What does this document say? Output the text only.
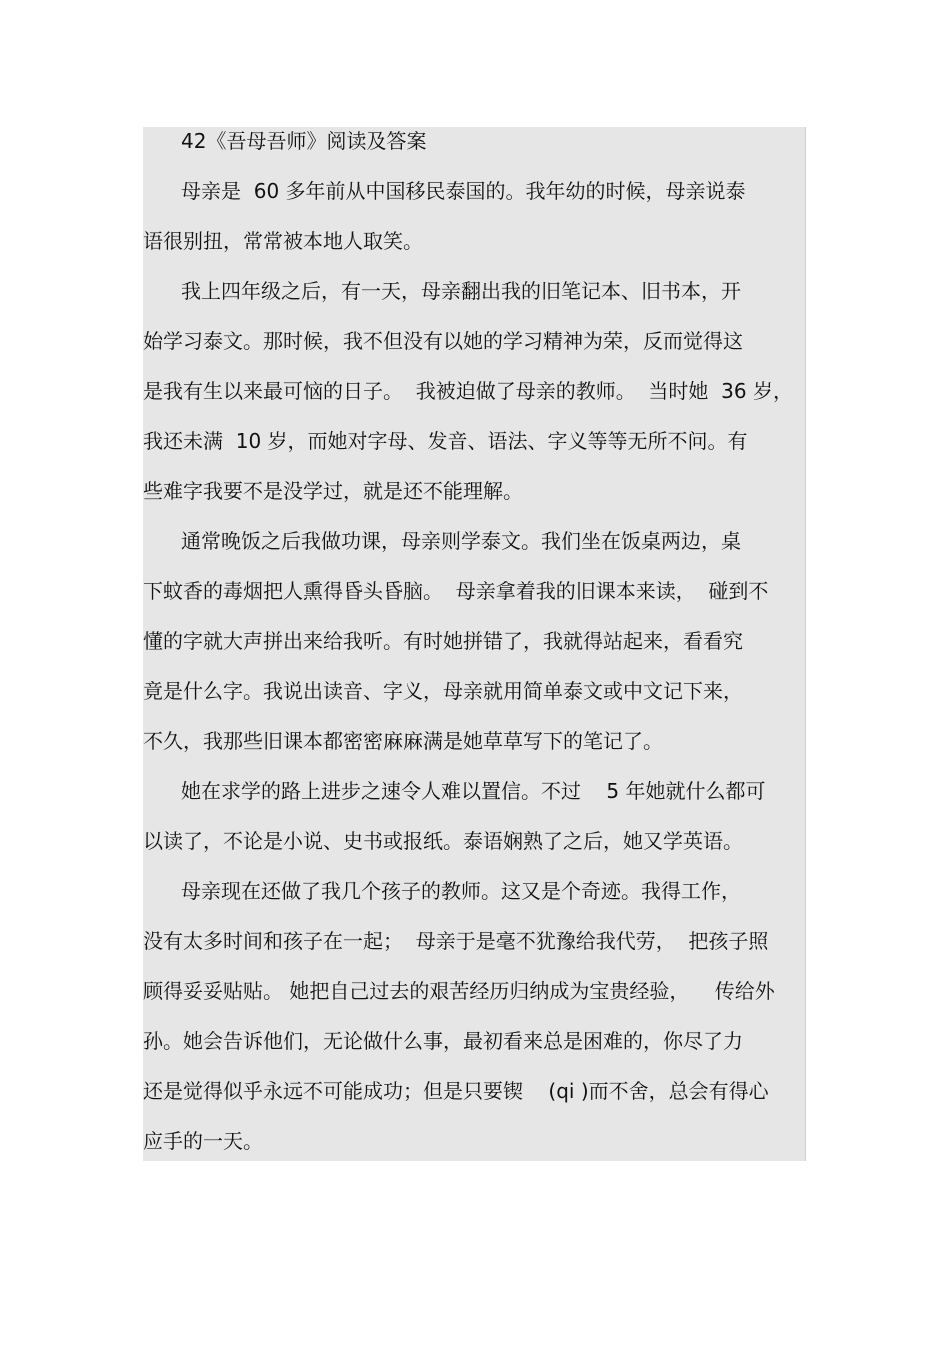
42《吾母吾师》阅读及答案
母亲是  60 多年前从中国移民泰国的。我年幼的时候，母亲说泰
语很别扭，常常被本地人取笑。
我上四年级之后，有一天，母亲翻出我的旧笔记本、旧书本，开
始学习泰文。那时候，我不但没有以她的学习精神为荣，反而觉得这
是我有生以来最可恼的日子。  我被迫做了母亲的教师。  当时她  36 岁，
我还未满  10 岁，而她对字母、发音、语法、字义等等无所不问。有
些难字我要不是没学过，就是还不能理解。
通常晚饭之后我做功课，母亲则学泰文。我们坐在饭桌两边，桌
下蚊香的毒烟把人熏得昏头昏脑。  母亲拿着我的旧课本来读，  碰到不
懂的字就大声拼出来给我听。有时她拼错了，我就得站起来，看看究
竟是什么字。我说出读音、字义，母亲就用简单泰文或中文记下来，
不久，我那些旧课本都密密麻麻满是她草草写下的笔记了。
她在求学的路上进步之速令人难以置信。不过    5 年她就什么都可
以读了，不论是小说、史书或报纸。泰语娴熟了之后，她又学英语。
母亲现在还做了我几个孩子的教师。这又是个奇迹。我得工作，
没有太多时间和孩子在一起；  母亲于是毫不犹豫给我代劳，  把孩子照
顾得妥妥贴贴。 她把自己过去的艰苦经历归纳成为宝贵经验，    传给外
孙。她会告诉他们，无论做什么事，最初看来总是困难的，你尽了力
还是觉得似乎永远不可能成功；但是只要锲    (qi )而不舍，总会有得心
应手的一天。
